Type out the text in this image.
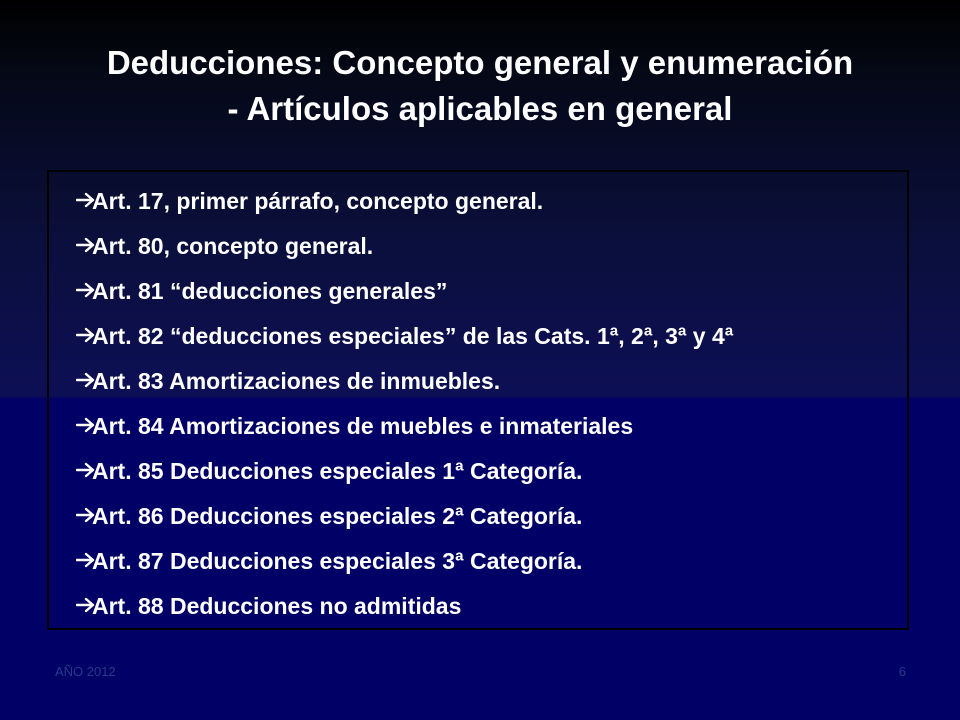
Deducciones: Concepto general y enumeración
- Artículos aplicables en general
Art. 17, primer párrafo, concepto general.
Art. 80, concepto general.
Art. 81 “deducciones generales”
Art. 82 “deducciones especiales” de las Cats. 1ª, 2ª, 3ª y 4ª
Art. 83 Amortizaciones de inmuebles.
Art. 84 Amortizaciones de muebles e inmateriales
Art. 85 Deducciones especiales 1ª Categoría.
Art. 86 Deducciones especiales 2ª Categoría.
Art. 87 Deducciones especiales 3ª Categoría.
Art. 88 Deducciones no admitidas
AÑO 2012	6
